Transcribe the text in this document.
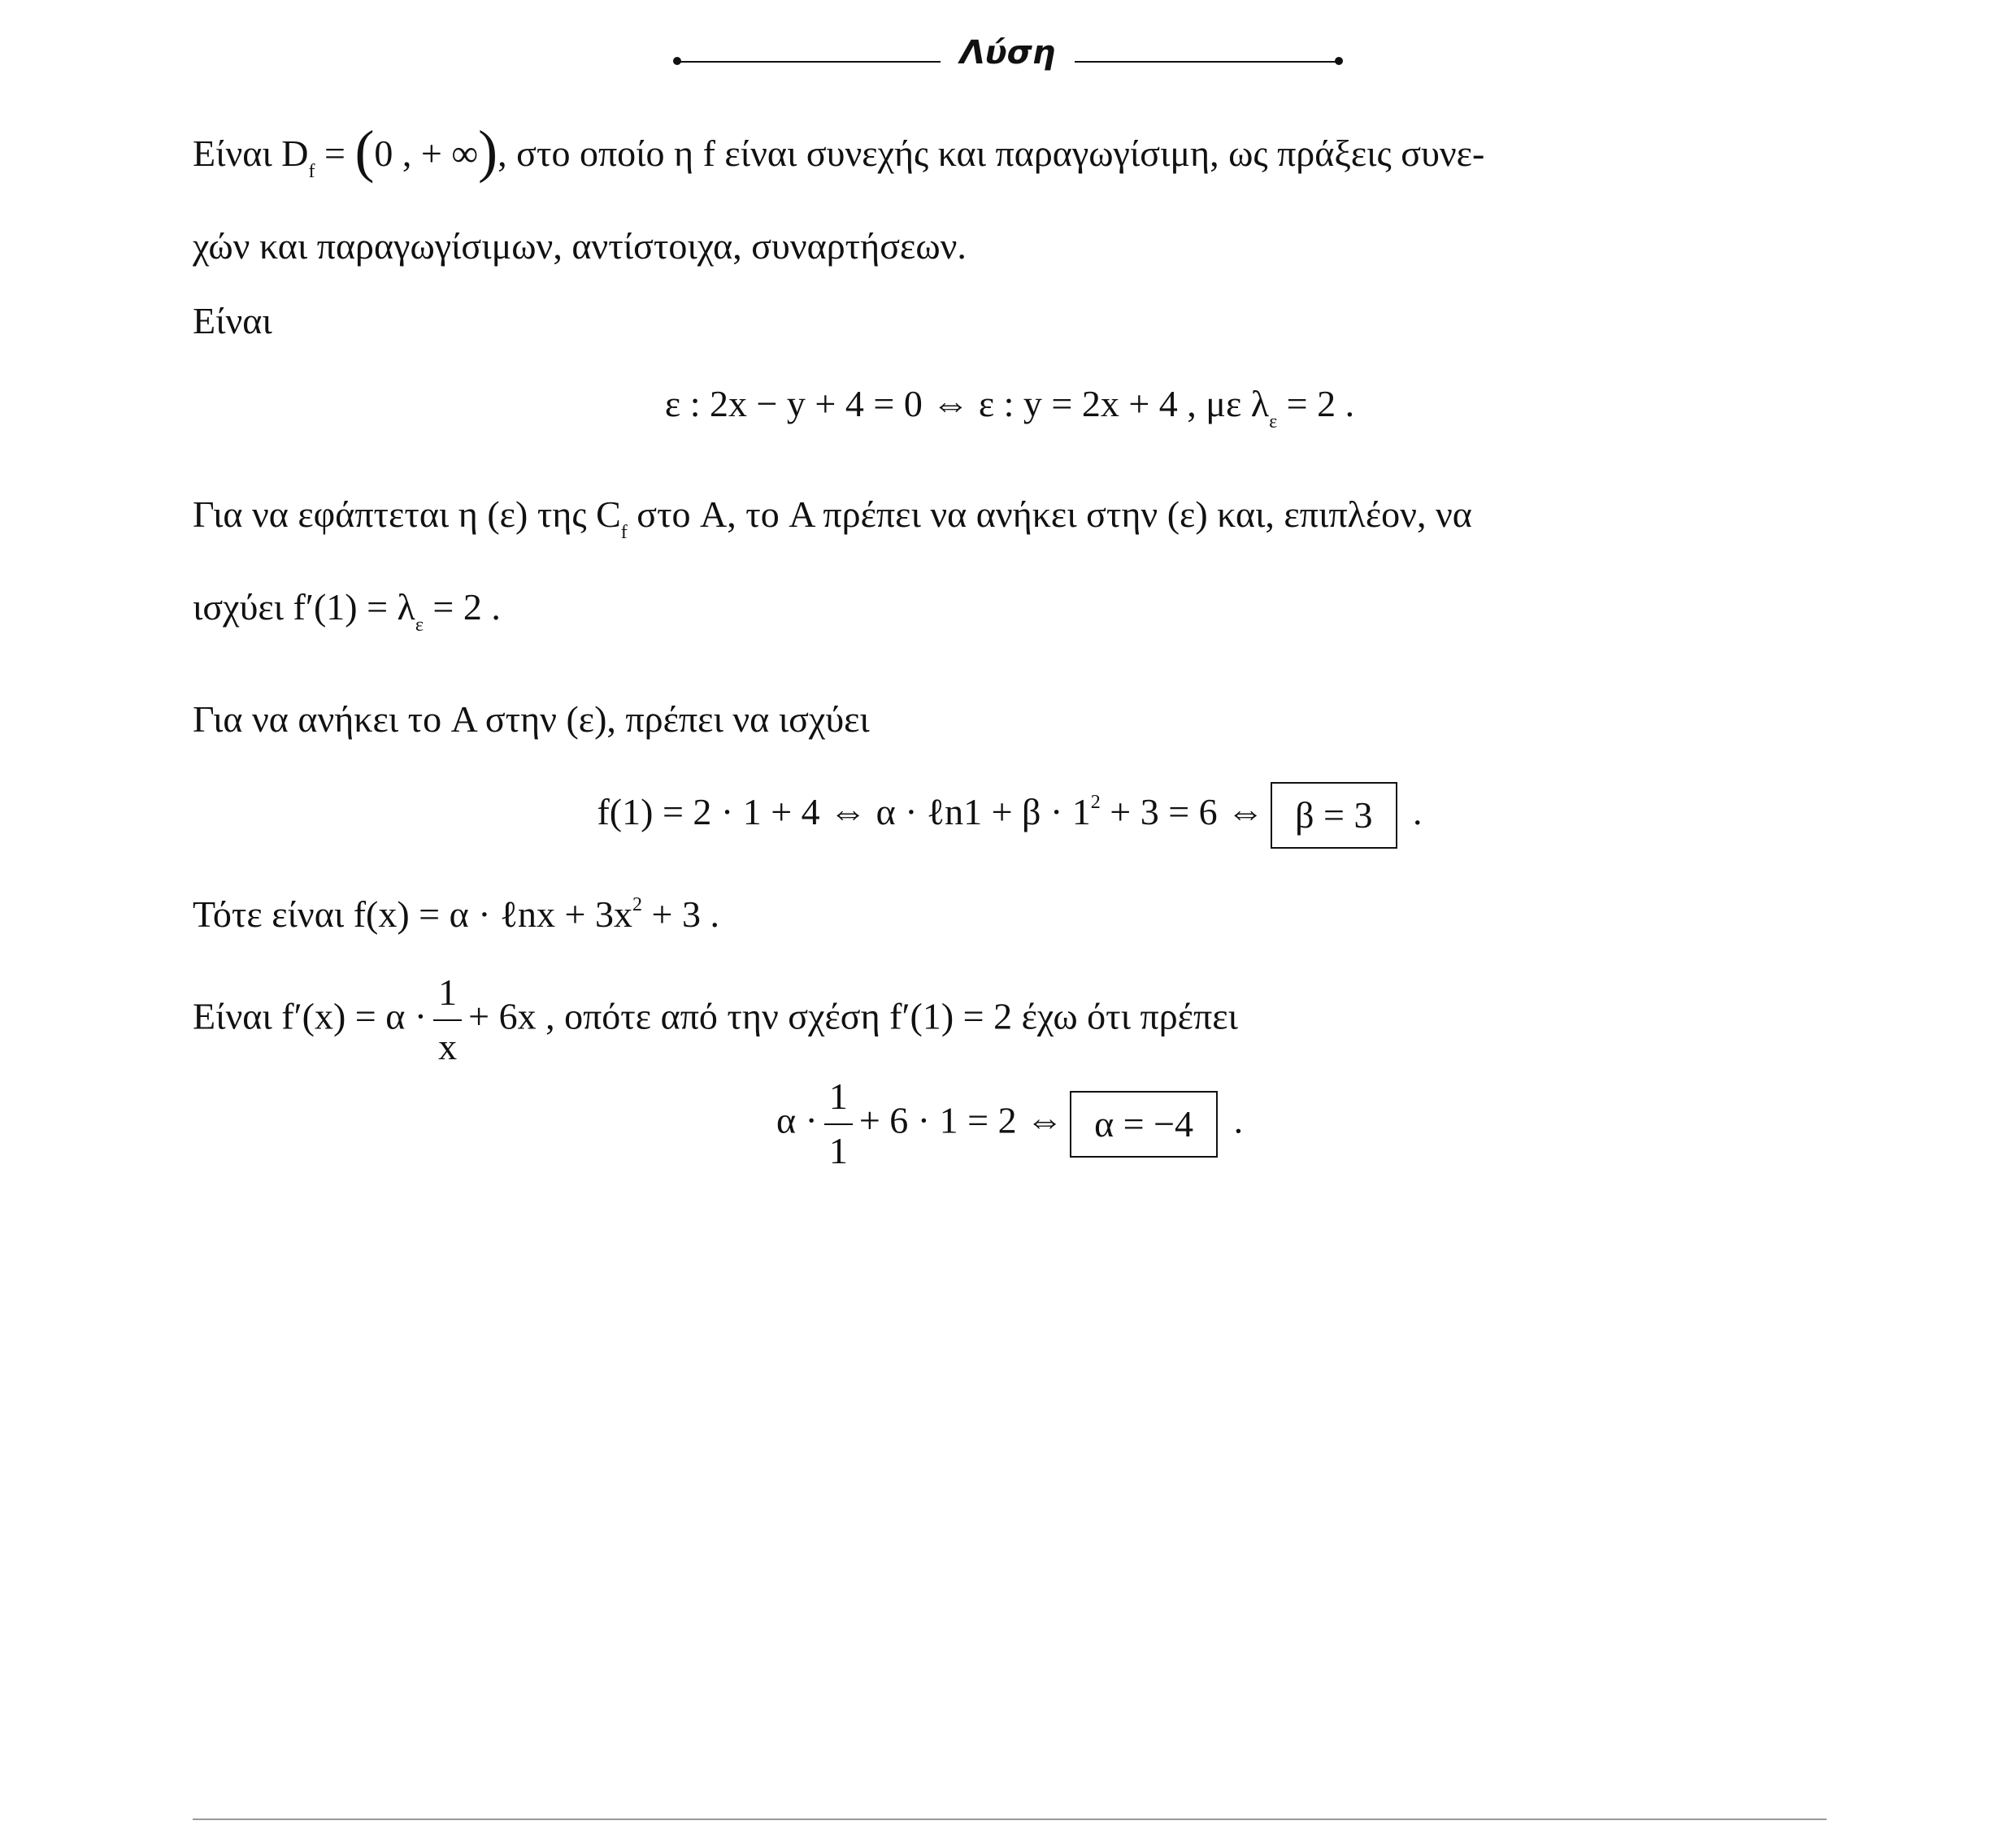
Λύση

Είναι $D_f = (0$ , + ∞), στο οποίο η f είναι συνεχής και παραγωγίσιμη, ως πράξεις συνε-
χών και παραγωγίσιμων, αντίστοιχα, συναρτήσεων.

Είναι

ε : 2x − y + 4 = 0 ⇔ ε : y = 2x + 4 , με $\lambda_\varepsilon = 2$ .

Για να εφάπτεται η (ε) της $C_f$ στο A, το A πρέπει να ανήκει στην (ε) και, επιπλέον, να
ισχύει $f'(1) = \lambda_\varepsilon = 2$ .

Για να ανήκει το A στην (ε), πρέπει να ισχύει

f(1) = 2 · 1 + 4 ⇔ α · ℓn1 + $\beta \cdot 1^2 + 3 = 6$ ⇔ β = 3 .

Τότε είναι f(x) = α · ℓnx + $3x^2 + 3$ .

Είναι $f'(x) = \alpha \cdot \frac{1}{x} + 6x$ , οπότε από την σχέση f′(1) = 2 έχω ότι πρέπει

$\alpha \cdot \frac{1}{1} + 6 \cdot 1 = 2$ ⇔ α = −4 .
